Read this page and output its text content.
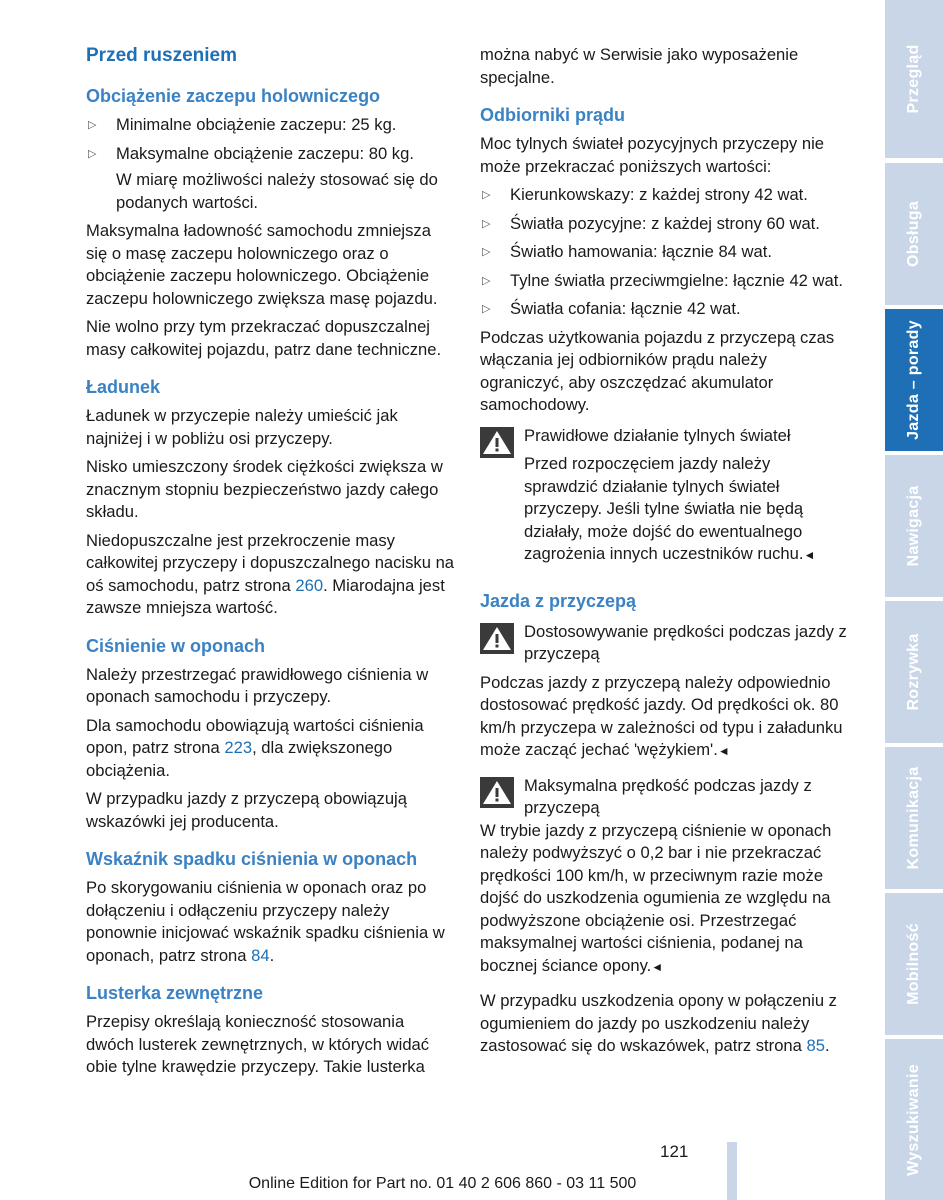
Przed ruszeniem
Obciążenie zaczepu holowniczego
▷ Minimalne obciążenie zaczepu: 25 kg.
▷ Maksymalne obciążenie zaczepu: 80 kg.
W miarę możliwości należy stosować się do podanych wartości.

Maksymalna ładowność samochodu zmniejsza się o masę zaczepu holowniczego oraz o obciążenie zaczepu holowniczego. Obciążenie zaczepu holowniczego zwiększa masę pojazdu.

Nie wolno przy tym przekraczać dopuszczalnej masy całkowitej pojazdu, patrz dane techniczne.

Ładunek

Ładunek w przyczepie należy umieścić jak najniżej i w pobliżu osi przyczepy.

Nisko umieszczony środek ciężkości zwiększa w znacznym stopniu bezpieczeństwo jazdy całego składu.

Niedopuszczalne jest przekroczenie masy całkowitej przyczepy i dopuszczalnego nacisku na oś samochodu, patrz strona 260. Miarodajna jest zawsze mniejsza wartość.

Ciśnienie w oponach

Należy przestrzegać prawidłowego ciśnienia w oponach samochodu i przyczepy.

Dla samochodu obowiązują wartości ciśnienia opon, patrz strona 223, dla zwiększonego obciążenia.

W przypadku jazdy z przyczepą obowiązują wskazówki jej producenta.

Wskaźnik spadku ciśnienia w oponach

Po skorygowaniu ciśnienia w oponach oraz po dołączeniu i odłączeniu przyczepy należy ponownie inicjować wskaźnik spadku ciśnienia w oponach, patrz strona 84.

Lusterka zewnętrzne

Przepisy określają konieczność stosowania dwóch lusterek zewnętrznych, w których widać obie tylne krawędzie przyczepy. Takie lusterka

można nabyć w Serwisie jako wyposażenie specjalne.

Odbiorniki prądu

Moc tylnych świateł pozycyjnych przyczepy nie może przekraczać poniższych wartości:

▷ Kierunkowskazy: z każdej strony 42 wat.
▷ Światła pozycyjne: z każdej strony 60 wat.
▷ Światło hamowania: łącznie 84 wat.
▷ Tylne światła przeciwmgielne: łącznie 42 wat.
▷ Światła cofania: łącznie 42 wat.

Podczas użytkowania pojazdu z przyczepą czas włączania jej odbiorników prądu należy ograniczyć, aby oszczędzać akumulator samochodowy.

Prawidłowe działanie tylnych świateł
Przed rozpoczęciem jazdy należy sprawdzić działanie tylnych świateł przyczepy. Jeśli tylne światła nie będą działały, może dojść do ewentualnego zagrożenia innych uczestników ruchu.◄
Jazda z przyczepą
Dostosowywanie prędkości podczas jazdy z przyczepą

Podczas jazdy z przyczepą należy odpowiednio dostosować prędkość jazdy. Od prędkości ok. 80 km/h przyczepa w zależności od typu i załadunku może zacząć jechać 'wężykiem'.◄

Maksymalna prędkość podczas jazdy z przyczepą
W trybie jazdy z przyczepą ciśnienie w oponach należy podwyższyć o 0,2 bar i nie przekraczać prędkości 100 km/h, w przeciwnym razie może dojść do uszkodzenia ogumienia ze względu na podwyższone obciążenie osi. Przestrzegać maksymalnej wartości ciśnienia, podanej na bocznej ściance opony.◄

W przypadku uszkodzenia opony w połączeniu z ogumieniem do jazdy po uszkodzeniu należy zastosować się do wskazówek, patrz strona 85.

Przegląd
Obsługa
Jazda – porady
Nawigacja
Rozrywka
Komunikacja
Mobilność
Wyszukiwanie
121
Online Edition for Part no. 01 40 2 606 860 - 03 11 500
